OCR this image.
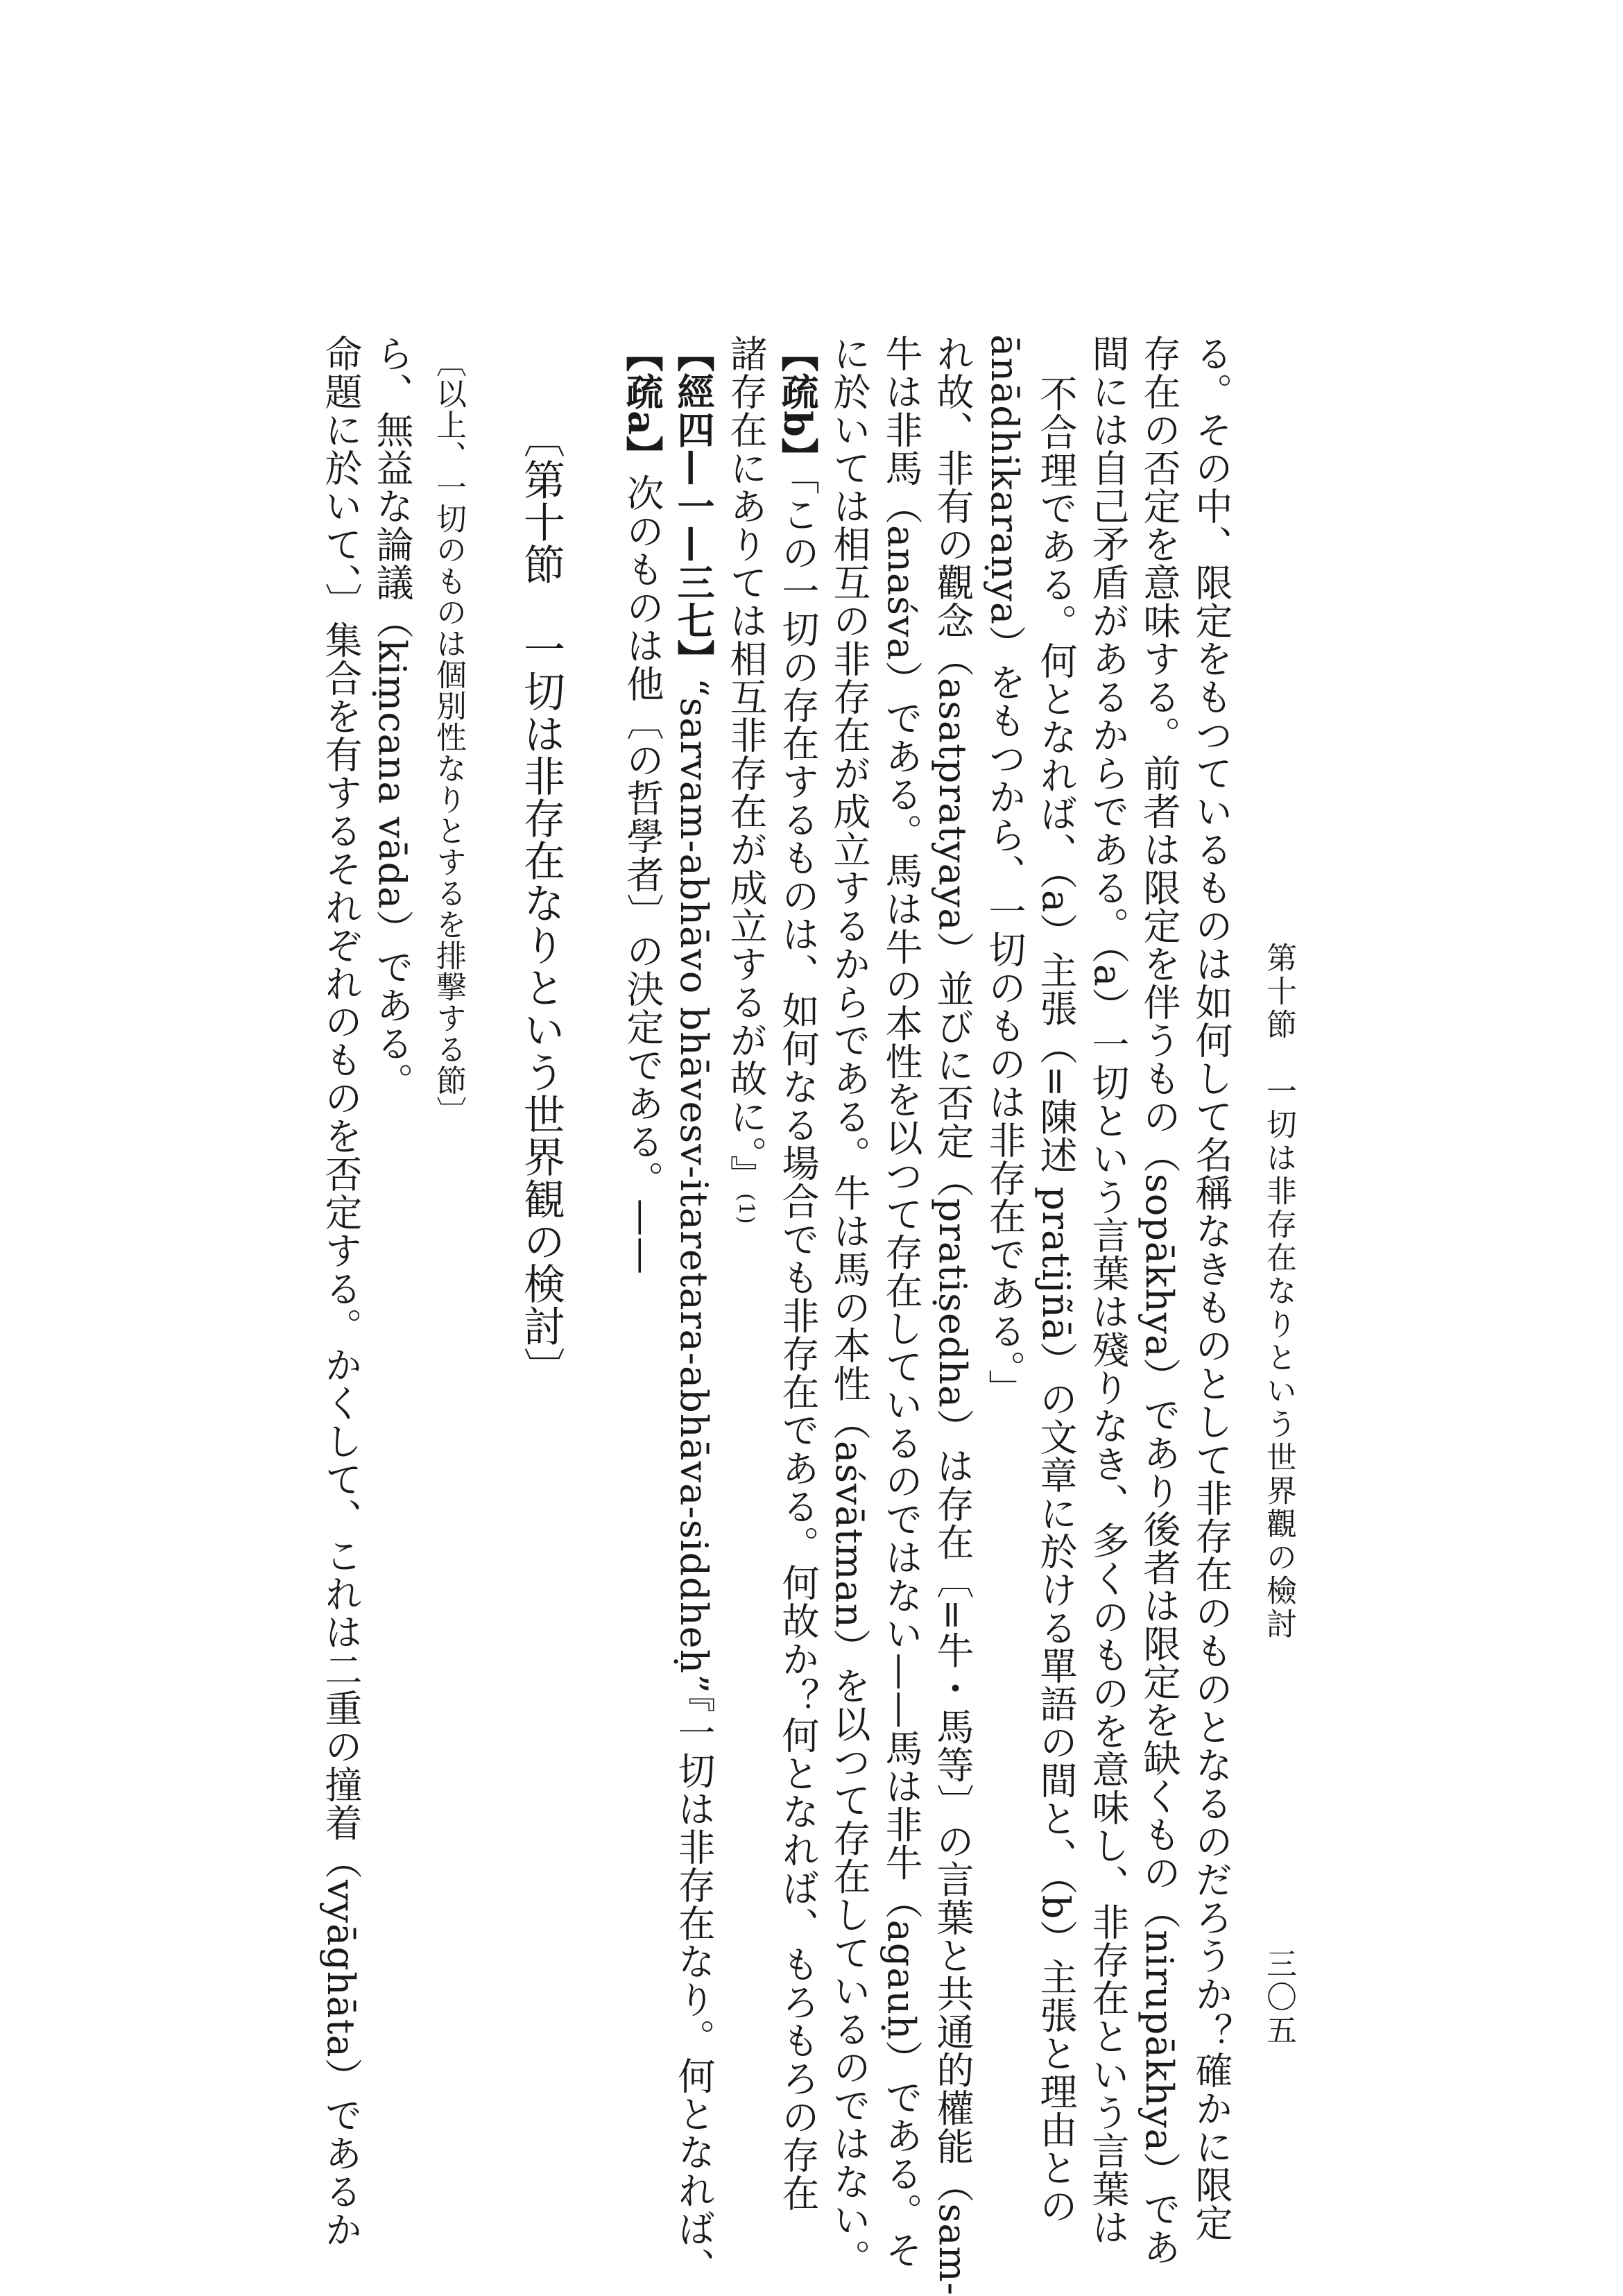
命題に於いて、〕集合を有するそれぞれのものを否定する。かくして、これは二重の撞着（vyāghāta）であるか ら、無益な論議（kiṃcana vāda）である。 〔以上、一切のものは個別性なりとするを排撃する節〕 〔第十節　一切は非存在なりという世界観の検討〕
【疏a】次のものは他〔の哲學者〕の決定である。—— 【經四—一—三七】“sarvam-abhāvo bhāvesv-itaretara-abhāva-siddheḥ”『一切は非存在なり。何となれば、 諸存在にありては相互非存在が成立するが故に。』(1)
【疏b】「この一切の存在するものは、如何なる場合でも非存在である。何故か？何となれば、もろもろの存在 に於いては相互の非存在が成立するからである。牛は馬の本性（aśvātman）を以つて存在しているのではない。 牛は非馬（anaśva）である。馬は牛の本性を以つて存在しているのではない——馬は非牛（agauḥ）である。そ れ故、非有の觀念（asatpratyaya）並びに否定（pratiṣedha）は存在〔=牛・馬等〕の言葉と共通的權能（sam- ānādhikaraṇya）をもつから、一切のものは非存在である。」 不合理である。何となれば、（a）主張（=陳述 pratijñā）の文章に於ける單語の間と、（b）主張と理由との 間には自己矛盾があるからである。（a）一切という言葉は殘りなき、多くのものを意味し、非存在という言葉は 存在の否定を意味する。前者は限定を伴うもの（sopākhya）であり後者は限定を缺くもの（nirupākhya）であ る。その中、限定をもつているものは如何して名稱なきものとして非存在のものとなるのだろうか？確かに限定 第十節　一切は非存在なりという世界觀の檢討
三〇五
